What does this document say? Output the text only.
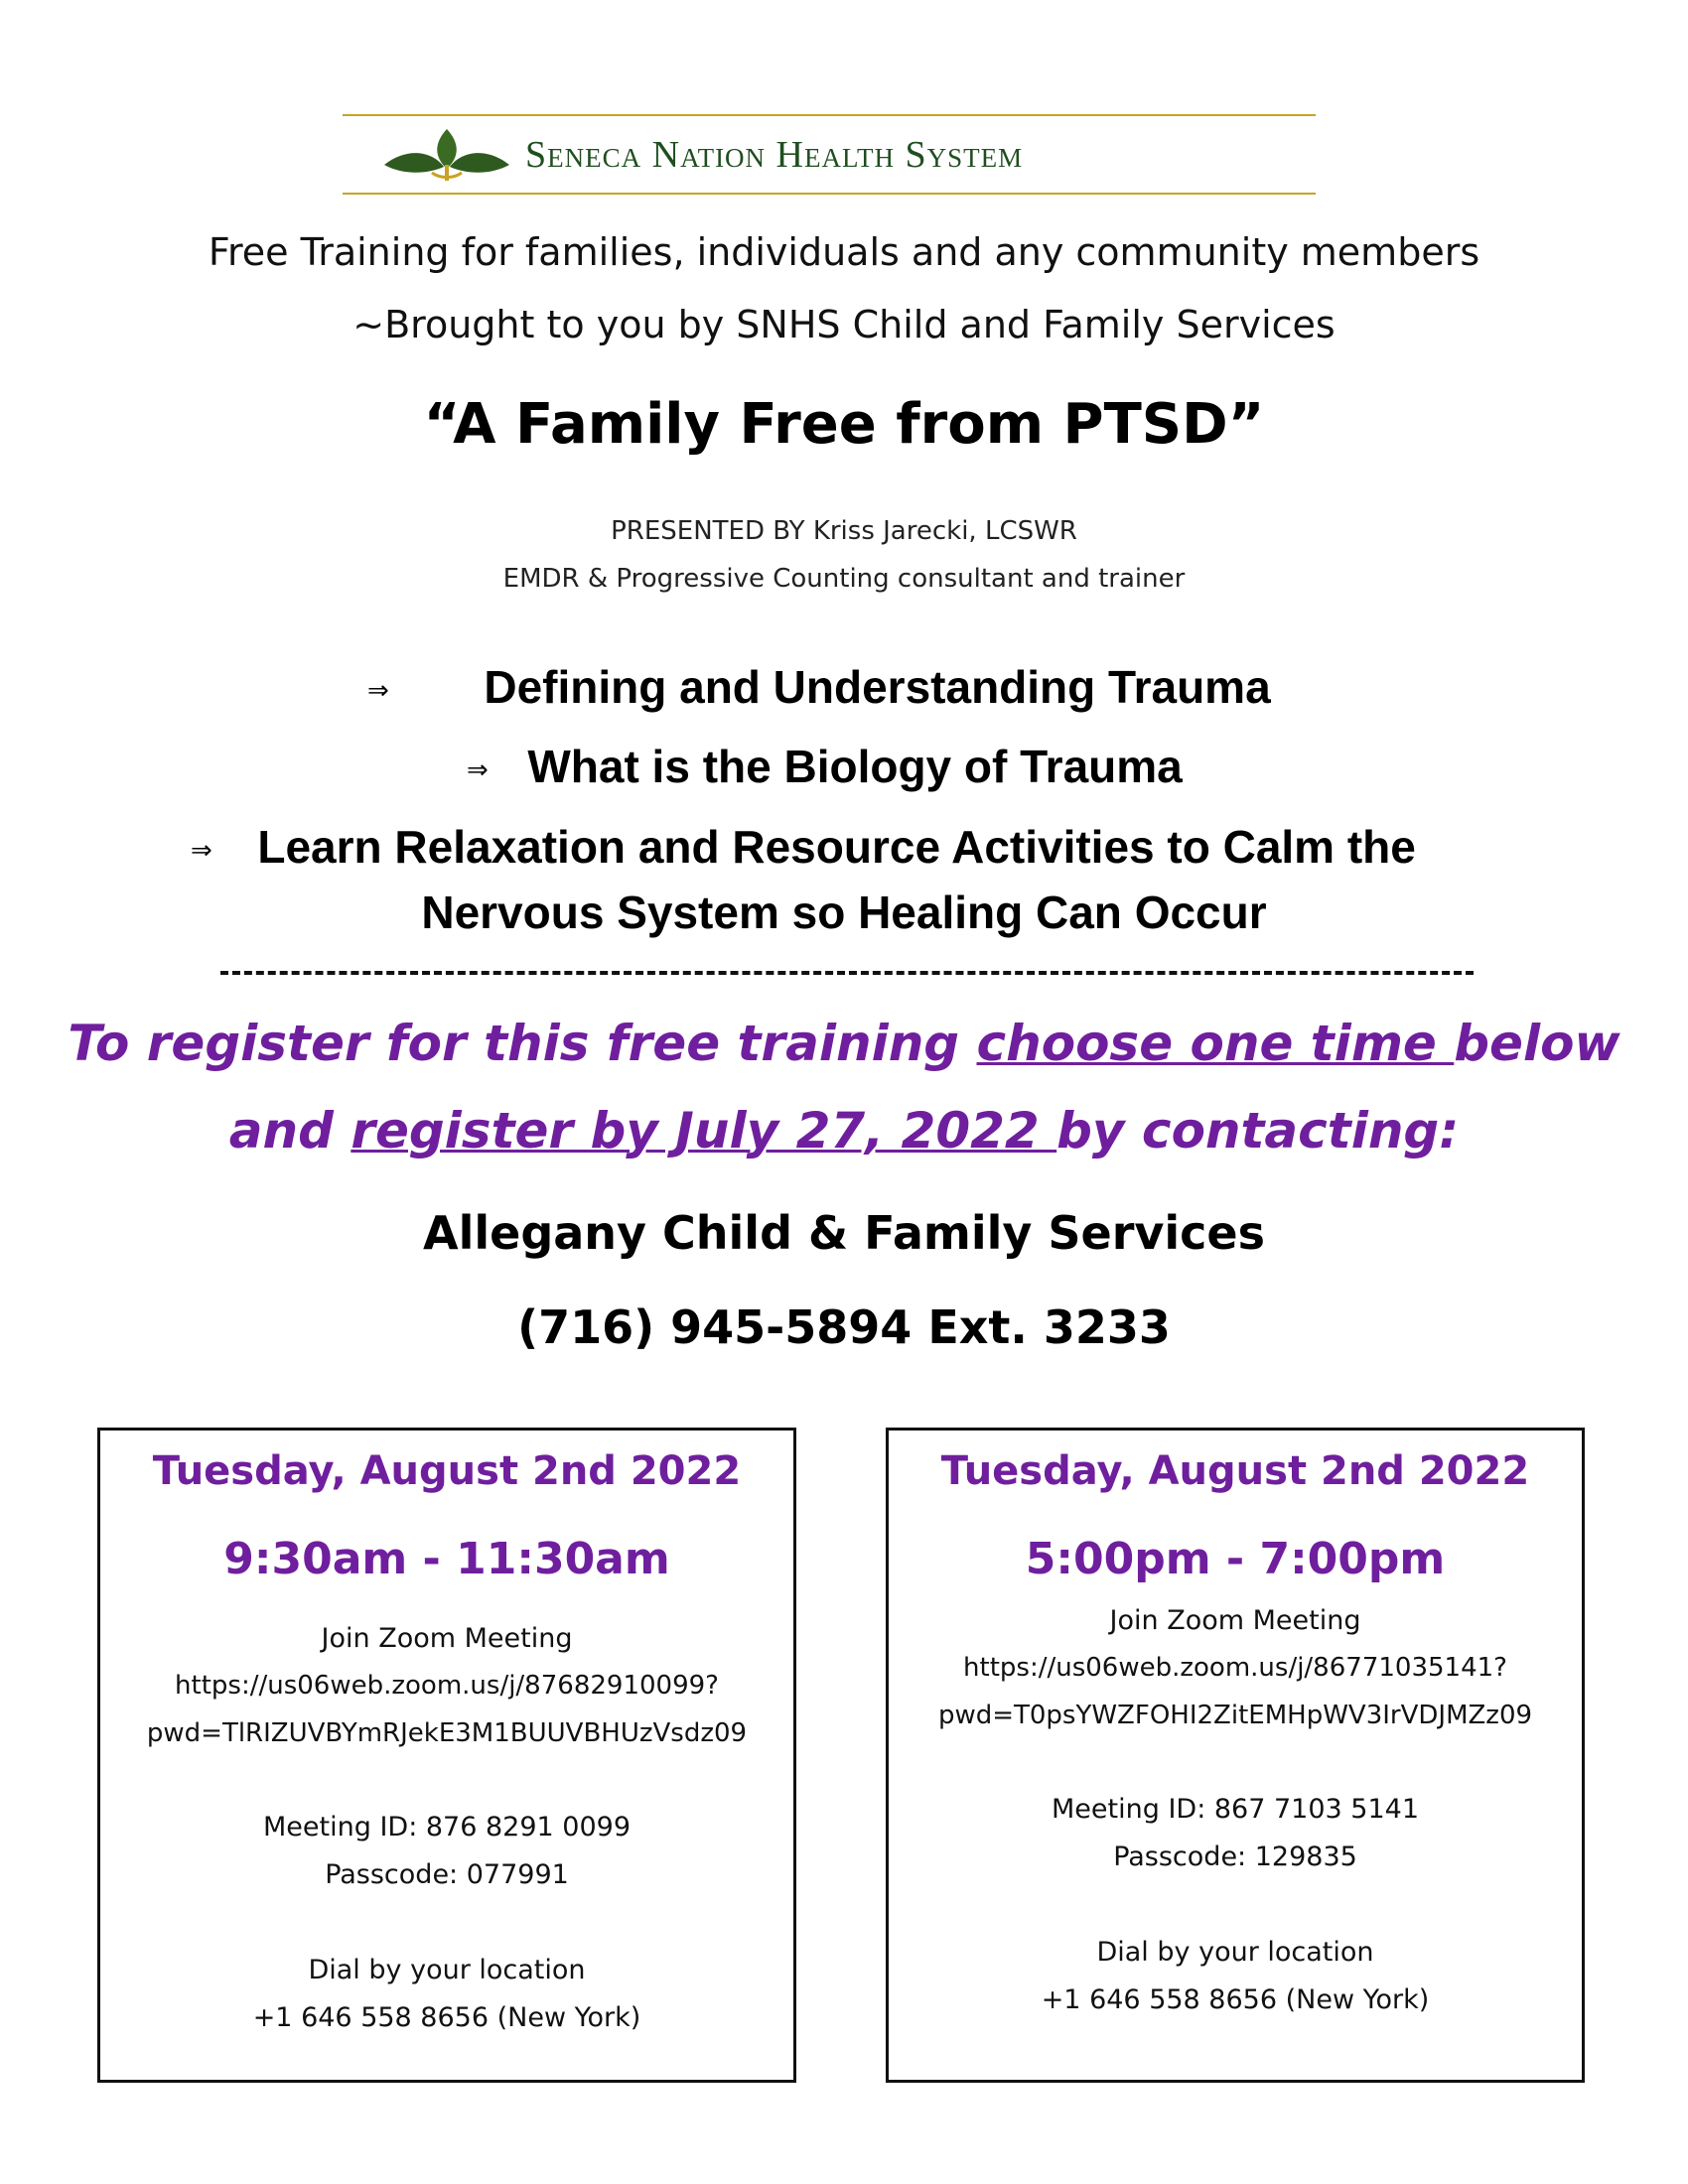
Seneca Nation Health System
Free Training for families, individuals and any community members
~Brought to you by SNHS Child and Family Services
“A Family Free from PTSD”
PRESENTED BY Kriss Jarecki, LCSWR
EMDR & Progressive Counting consultant and trainer
⇒ Defining and Understanding Trauma
⇒ What is the Biology of Trauma
⇒ Learn Relaxation and Resource Activities to Calm the
Nervous System so Healing Can Occur
To register for this free training choose one time below
and register by July 27, 2022 by contacting:
Allegany Child & Family Services
(716) 945-5894 Ext. 3233
Tuesday, August 2nd 2022
9:30am - 11:30am
Join Zoom Meeting
https://us06web.zoom.us/j/87682910099?
pwd=TlRIZUVBYmRJekE3M1BUUVBHUzVsdz09
Meeting ID: 876 8291 0099
Passcode: 077991
Dial by your location
+1 646 558 8656 (New York)
Tuesday, August 2nd 2022
5:00pm - 7:00pm
Join Zoom Meeting
https://us06web.zoom.us/j/86771035141?
pwd=T0psYWZFOHI2ZitEMHpWV3IrVDJMZz09
Meeting ID: 867 7103 5141
Passcode: 129835
Dial by your location
+1 646 558 8656 (New York)
